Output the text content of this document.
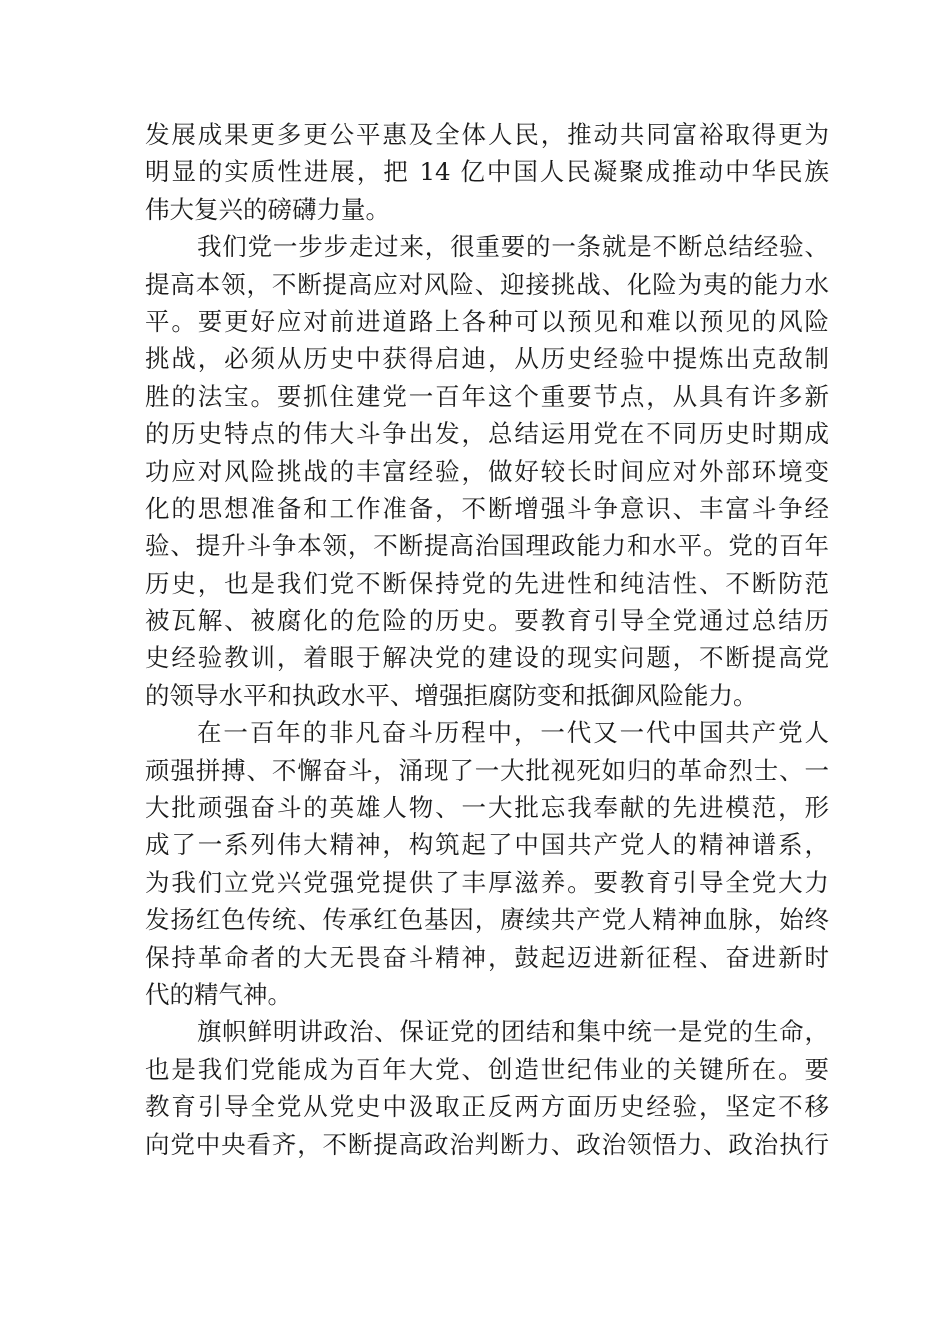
发展成果更多更公平惠及全体人民，推动共同富裕取得更为
明显的实质性进展，把 14 亿中国人民凝聚成推动中华民族
伟大复兴的磅礴力量。
我们党一步步走过来，很重要的一条就是不断总结经验、
提高本领，不断提高应对风险、迎接挑战、化险为夷的能力水
平。要更好应对前进道路上各种可以预见和难以预见的风险
挑战，必须从历史中获得启迪，从历史经验中提炼出克敌制
胜的法宝。要抓住建党一百年这个重要节点，从具有许多新
的历史特点的伟大斗争出发，总结运用党在不同历史时期成
功应对风险挑战的丰富经验，做好较长时间应对外部环境变
化的思想准备和工作准备，不断增强斗争意识、丰富斗争经
验、提升斗争本领，不断提高治国理政能力和水平。党的百年
历史，也是我们党不断保持党的先进性和纯洁性、不断防范
被瓦解、被腐化的危险的历史。要教育引导全党通过总结历
史经验教训，着眼于解决党的建设的现实问题，不断提高党
的领导水平和执政水平、增强拒腐防变和抵御风险能力。
在一百年的非凡奋斗历程中，一代又一代中国共产党人
顽强拼搏、不懈奋斗，涌现了一大批视死如归的革命烈士、一
大批顽强奋斗的英雄人物、一大批忘我奉献的先进模范，形
成了一系列伟大精神，构筑起了中国共产党人的精神谱系，
为我们立党兴党强党提供了丰厚滋养。要教育引导全党大力
发扬红色传统、传承红色基因，赓续共产党人精神血脉，始终
保持革命者的大无畏奋斗精神，鼓起迈进新征程、奋进新时
代的精气神。
旗帜鲜明讲政治、保证党的团结和集中统一是党的生命，
也是我们党能成为百年大党、创造世纪伟业的关键所在。要
教育引导全党从党史中汲取正反两方面历史经验，坚定不移
向党中央看齐，不断提高政治判断力、政治领悟力、政治执行
